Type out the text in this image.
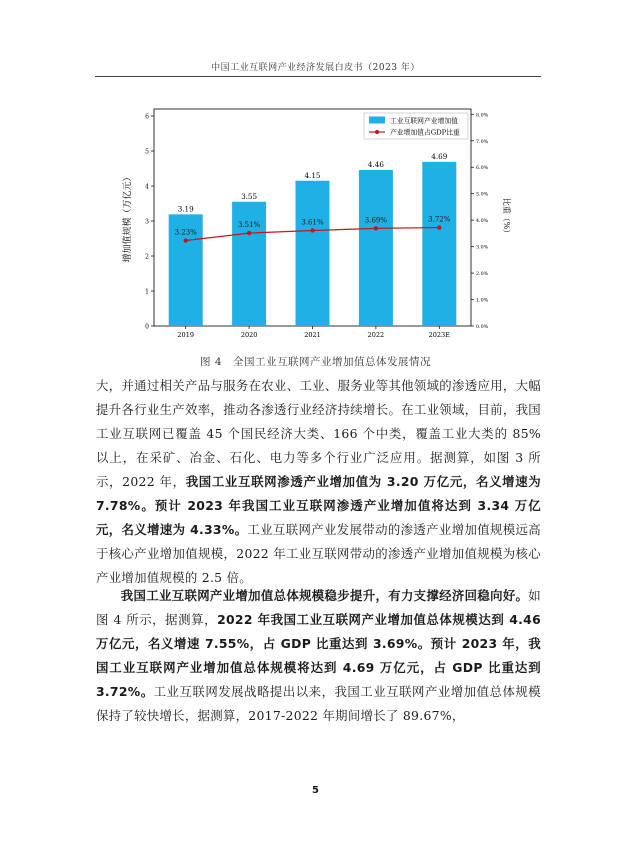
中国工业互联网产业经济发展白皮书（2023 年）
0
1
2
3
4
5
6
0.0%
1.0%
2.0%
3.0%
4.0%
5.0%
6.0%
7.0%
8.0%
增加值规模（万亿元）	比重（%）
3.19
3.55
4.15
4.46
4.69
2019	2020	2021	2022	2023E
3.23%
3.51%	3.61%	3.69%	3.72%
工业互联网产业增加值
产业增加值占GDP比重
图 4　全国工业互联网产业增加值总体发展情况

大，并通过相关产品与服务在农业、工业、服务业等其他领域的渗透应用，大幅提升各行业生产效率，推动各渗透行业经济持续增长。在工业领域，目前，我国工业互联网已覆盖 45 个国民经济大类、166 个中类，覆盖工业大类的 85% 以上，在采矿、冶金、石化、电力等多个行业广泛应用。据测算，如图 3 所示，2022 年，我国工业互联网渗透产业增加值为 3.20 万亿元，名义增速为 7.78%。预计 2023 年我国工业互联网渗透产业增加值将达到 3.34 万亿元，名义增速为 4.33%。工业互联网产业发展带动的渗透产业增加值规模远高于核心产业增加值规模，2022 年工业互联网带动的渗透产业增加值规模为核心产业增加值规模的 2.5 倍。

我国工业互联网产业增加值总体规模稳步提升，有力支撑经济回稳向好。如图 4 所示，据测算，2022 年我国工业互联网产业增加值总体规模达到 4.46 万亿元，名义增速 7.55%，占 GDP 比重达到 3.69%。预计 2023 年，我国工业互联网产业增加值总体规模将达到 4.69 万亿元，占 GDP 比重达到 3.72%。工业互联网发展战略提出以来，我国工业互联网产业增加值总体规模保持了较快增长，据测算，2017-2022 年期间增长了 89.67%，

5
